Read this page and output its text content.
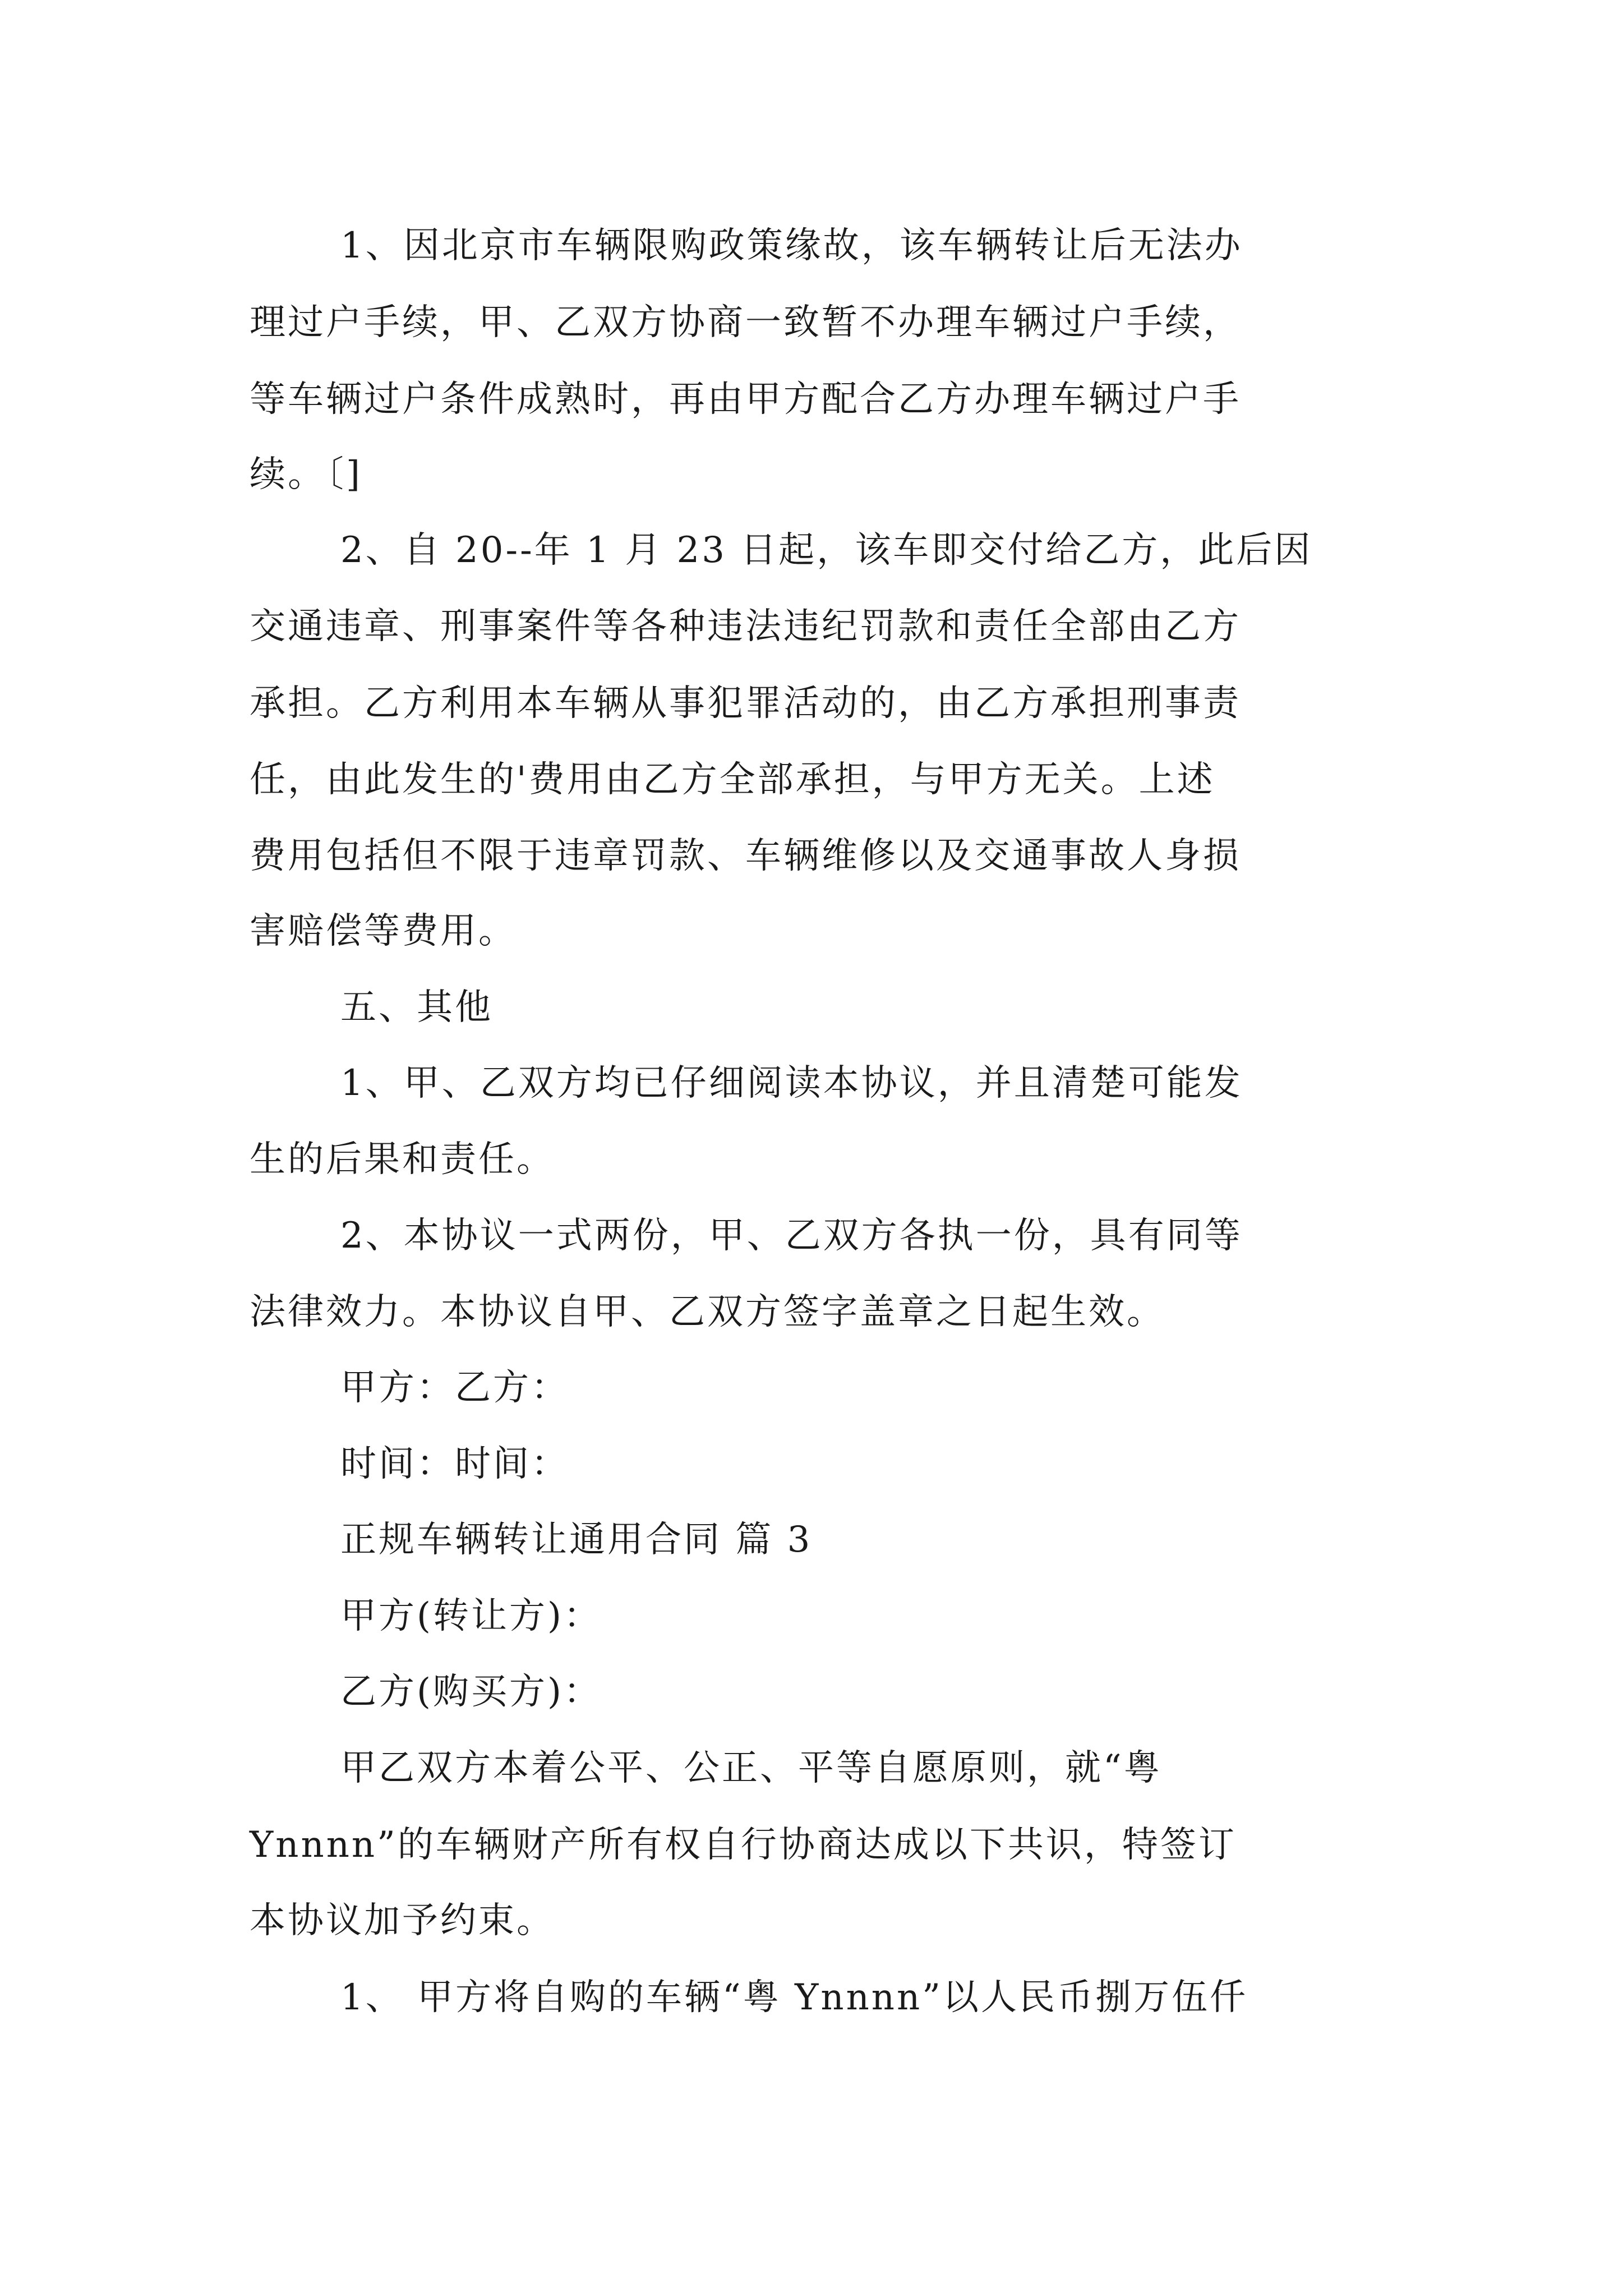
1、因北京市车辆限购政策缘故，该车辆转让后无法办
理过户手续，甲、乙双方协商一致暂不办理车辆过户手续，
等车辆过户条件成熟时，再由甲方配合乙方办理车辆过户手
续。〔]
2、自 20--年 1 月 23 日起，该车即交付给乙方，此后因
交通违章、刑事案件等各种违法违纪罚款和责任全部由乙方
承担。乙方利用本车辆从事犯罪活动的，由乙方承担刑事责
任，由此发生的'费用由乙方全部承担，与甲方无关。上述
费用包括但不限于违章罚款、车辆维修以及交通事故人身损
害赔偿等费用。
五、其他
1、甲、乙双方均已仔细阅读本协议，并且清楚可能发
生的后果和责任。
2、本协议一式两份，甲、乙双方各执一份，具有同等
法律效力。本协议自甲、乙双方签字盖章之日起生效。
甲方：乙方：
时间：时间：
正规车辆转让通用合同 篇 3
甲方(转让方)：
乙方(购买方)：
甲乙双方本着公平、公正、平等自愿原则，就“粤
Ynnnn”的车辆财产所有权自行协商达成以下共识，特签订
本协议加予约束。
1、 甲方将自购的车辆“粤 Ynnnn”以人民币捌万伍仟
